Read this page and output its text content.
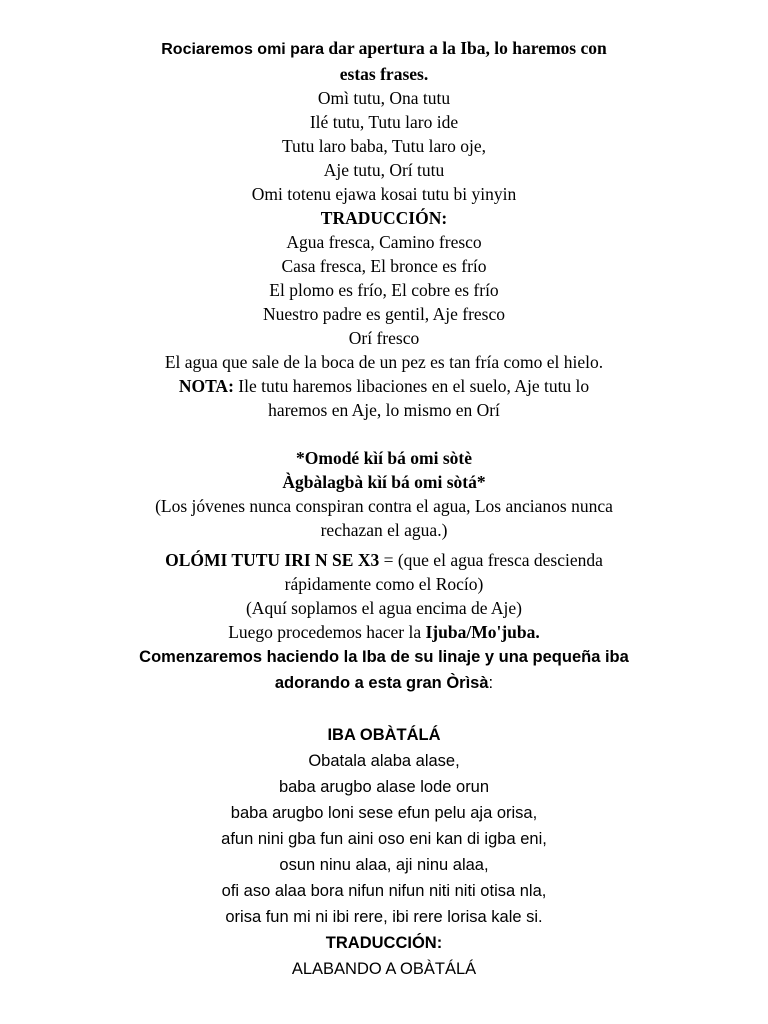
Rociaremos omi para dar apertura a la Iba, lo haremos con
estas frases.
Omì tutu, Ona tutu
Ilé tutu, Tutu laro ide
Tutu laro baba, Tutu laro oje,
Aje tutu, Orí tutu
Omi totenu ejawa kosai tutu bi yinyin
TRADUCCIÓN:
Agua fresca, Camino fresco
Casa fresca, El bronce es frío
El plomo es frío, El cobre es frío
Nuestro padre es gentil, Aje fresco
Orí fresco
El agua que sale de la boca de un pez es tan fría como el hielo.
NOTA: Ile tutu haremos libaciones en el suelo, Aje tutu lo
haremos en Aje, lo mismo en Orí
*Omodé kìí bá omi sòtè
Àgbàlagbà kìí bá omi sòtá*
(Los jóvenes nunca conspiran contra el agua, Los ancianos nunca
rechazan el agua.)
OLÓMI TUTU IRI N SE X3 = (que el agua fresca descienda
rápidamente como el Rocío)
(Aquí soplamos el agua encima de Aje)
Luego procedemos hacer la Ijuba/Mo'juba.
Comenzaremos haciendo la Iba de su linaje y una pequeña iba
adorando a esta gran Òrìsà:
IBA OBÀTÁLÁ
Obatala alaba alase,
baba arugbo alase lode orun
baba arugbo loni sese efun pelu aja orisa,
afun nini gba fun aini oso eni kan di igba eni,
osun ninu alaa, aji ninu alaa,
ofi aso alaa bora nifun nifun niti niti otisa nla,
orisa fun mi ni ibi rere, ibi rere lorisa kale si.
TRADUCCIÓN:
ALABANDO A OBÀTÁLÁ
